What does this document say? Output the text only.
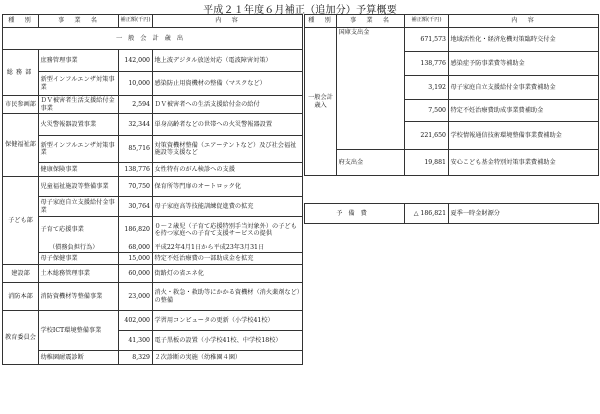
平成２１年度６月補正（追加分）予算概要
種　別	事　業　名	補正額(千円)	内　容
一般会計歳出			
総務部	庶務管理事業	142,000	地上波デジタル放送対応（電波障害対策）
	新型インフルエンザ対策事業	10,000	感染防止用資機材の整備（マスクなど）
市民参画部	ＤＶ被害者生活支援給付金事業	2,594	ＤＶ被害者への生活支援給付金の給付
保健福祉部	火災警報器設置事業	32,344	単身高齢者などの世帯への火災警報器設置
	新型インフルエンザ対策事業	85,716	対策資機材整備（エアーテントなど）及び社会福祉施設等支援など
	健康保険事業	138,776	女性特有のがん検診への支援
子ども部	児童福祉施設等整備事業	70,750	保育所等門扉のオートロック化
	母子家庭自立支援給付金事業	30,764	母子家庭高等技能訓練促進費の拡充
	子育て応援事業	186,820	０～２歳児（子育て応援特別手当対象外）の子どもを持つ家庭への子育て支援サービスの提供
	（債務負担行為）	68,000	平成22年4月1日から平成23年3月31日
	母子保健事業	15,000	特定不妊治療費の一部助成金を拡充
建設部	土木総務管理事業	60,000	街路灯の省エネ化
消防本部	消防資機材等整備事業	23,000	消火・救急・救助等にかかる資機材（消火薬剤など）の整備
教育委員会	学校ICT環境整備事業	402,000	学習用コンピュータの更新（小学校41校）
		41,300	電子黒板の設置（小学校41校、中学校18校）
	幼稚園耐震診断	8,329	２次診断の実施（幼稚園４園）
種　別	事　業　名	補正額(千円)	内　容
一般会計歳入	国庫支出金	671,573	地域活性化・経済危機対策臨時交付金
		138,776	感染症予防事業費等補助金
		3,192	母子家庭自立支援給付金事業費補助金
		7,500	特定不妊治療費助成事業費補助金
		221,650	学校情報通信技術環境整備事業費補助金
	府支出金	19,881	安心こども基金特別対策事業費補助金

予備費		△ 186,821	夏季一時金財源分
